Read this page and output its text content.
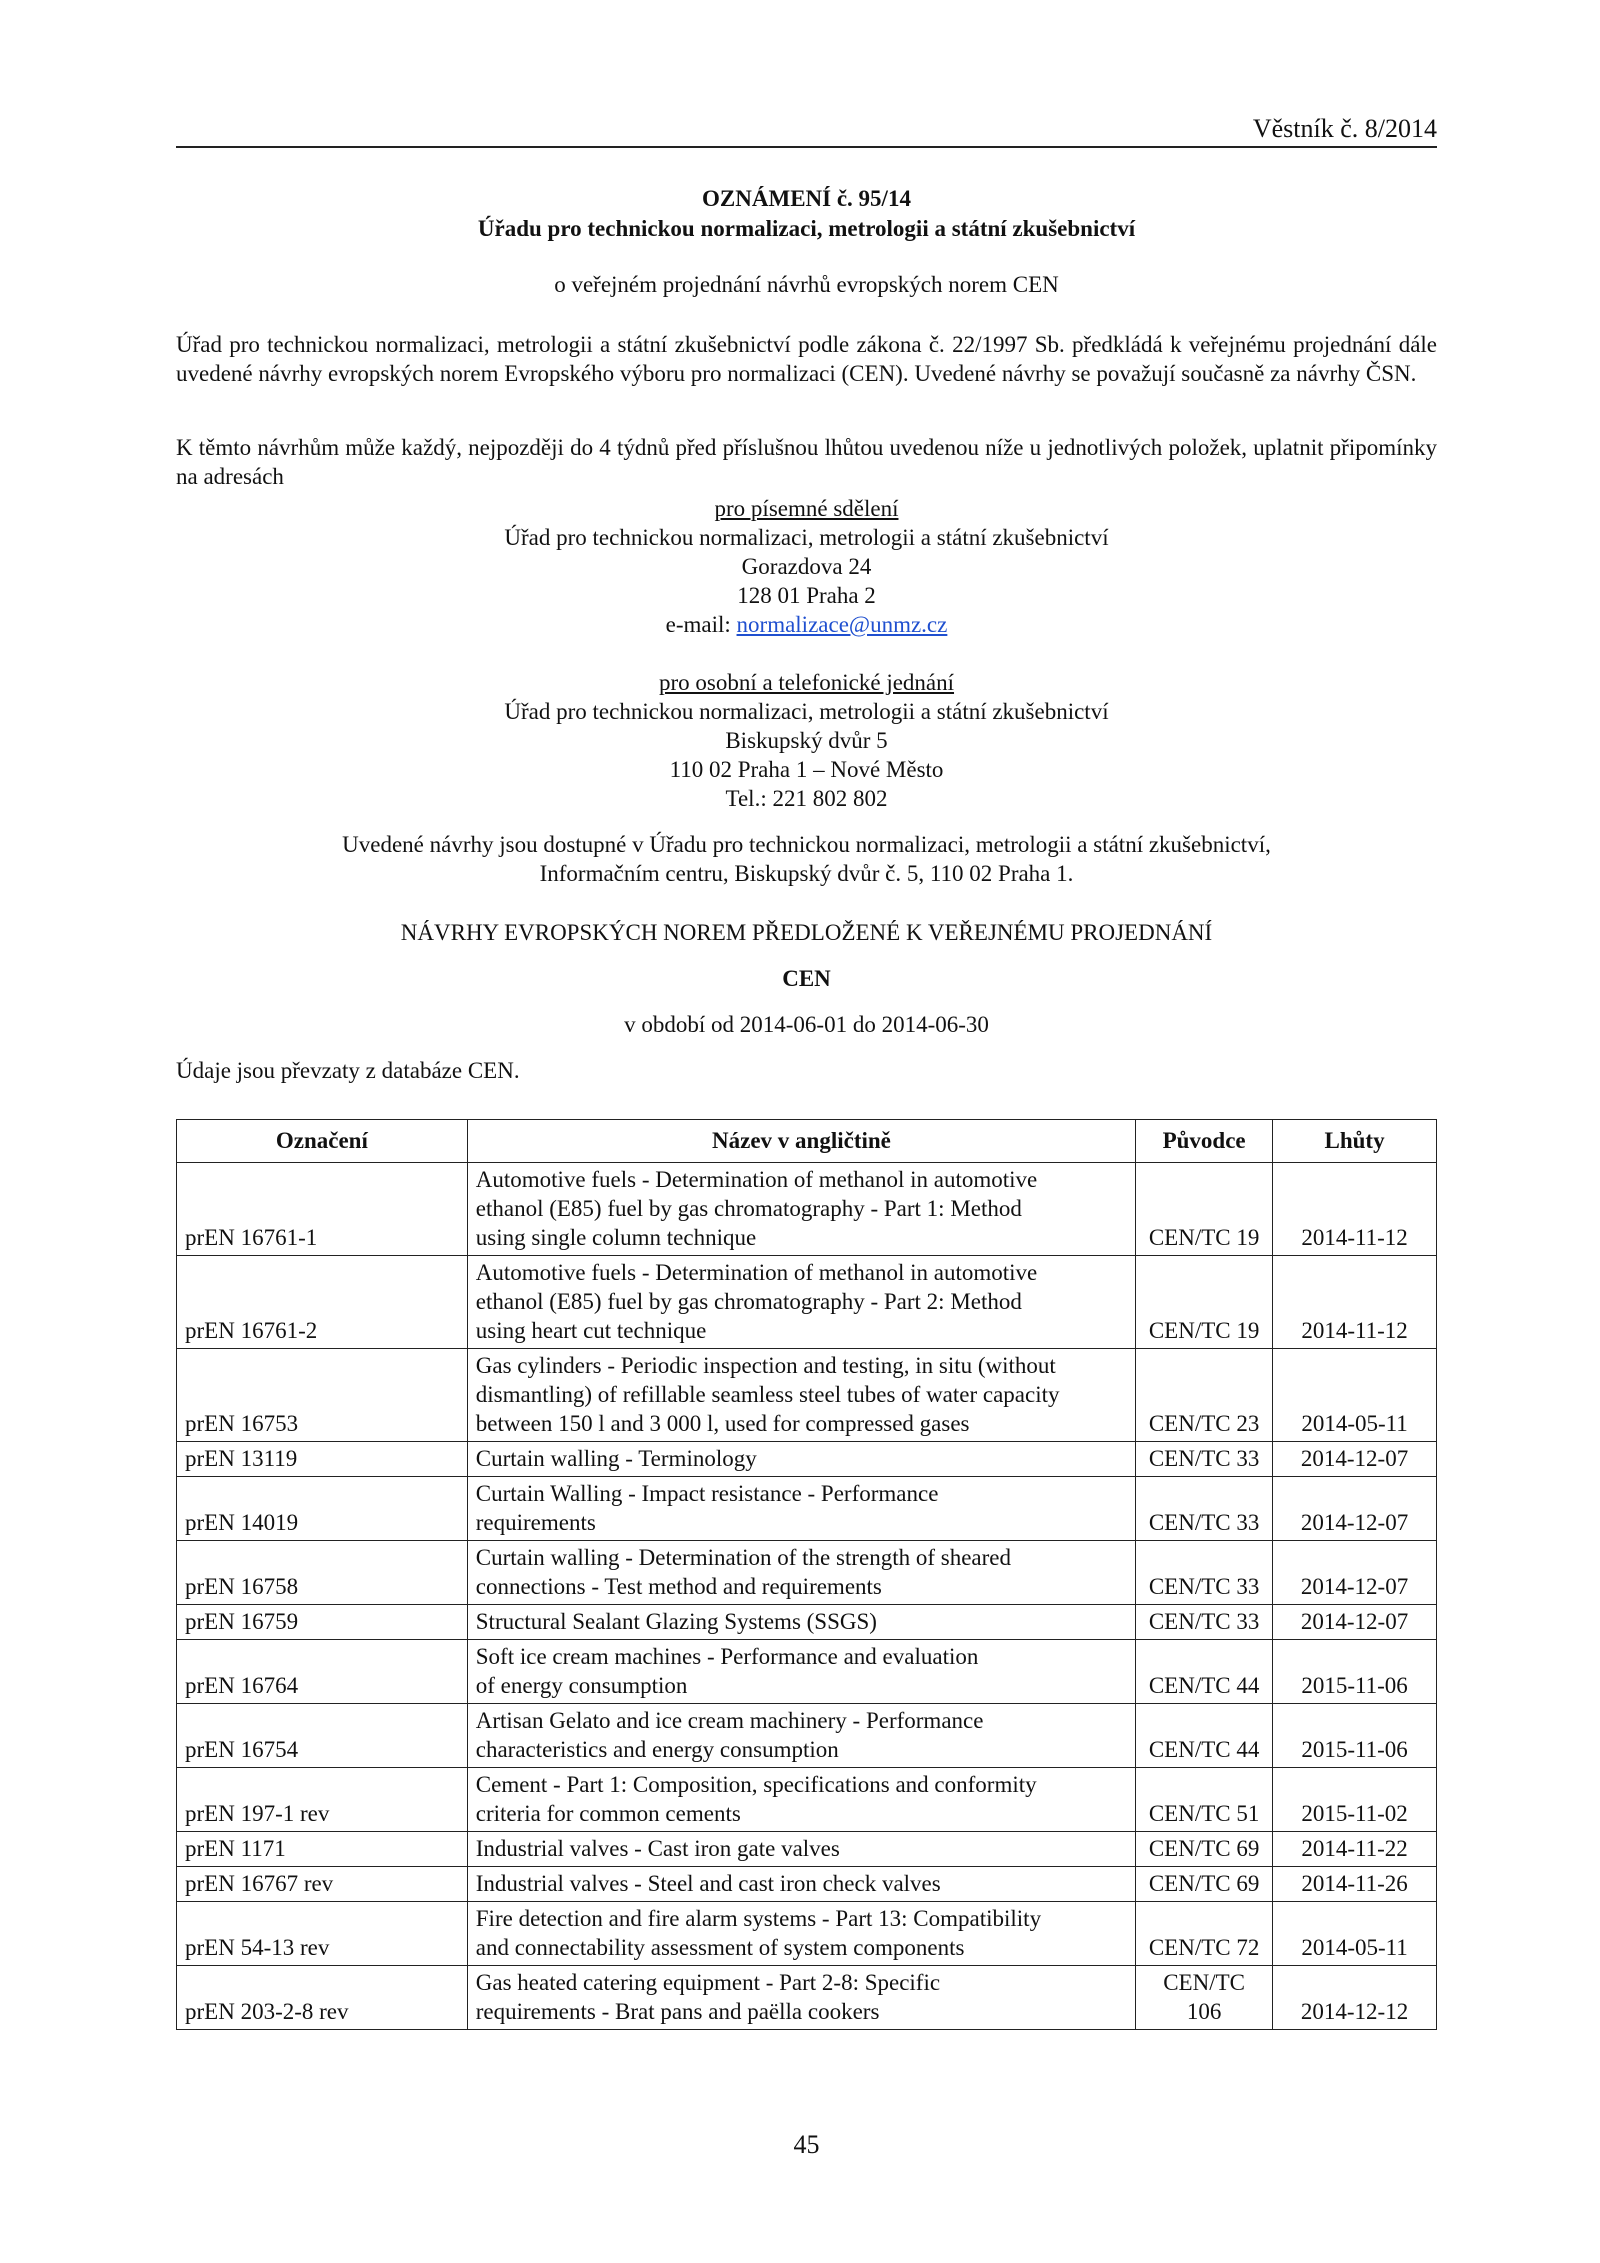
Věstník č. 8/2014
OZNÁMENÍ č. 95/14
Úřadu pro technickou normalizaci, metrologii a státní zkušebnictví
o veřejném projednání návrhů evropských norem CEN
Úřad pro technickou normalizaci, metrologii a státní zkušebnictví podle zákona č. 22/1997 Sb. předkládá k veřejnému projednání dále uvedené návrhy evropských norem Evropského výboru pro normalizaci (CEN). Uvedené návrhy se považují současně za návrhy ČSN.
K těmto návrhům může každý, nejpozději do 4 týdnů před příslušnou lhůtou uvedenou níže u jednotlivých položek, uplatnit připomínky na adresách
pro písemné sdělení
Úřad pro technickou normalizaci, metrologii a státní zkušebnictví
Gorazdova 24
128 01 Praha 2
e-mail: normalizace@unmz.cz
pro osobní a telefonické jednání
Úřad pro technickou normalizaci, metrologii a státní zkušebnictví
Biskupský dvůr 5
110 02 Praha 1 – Nové Město
Tel.: 221 802 802
Uvedené návrhy jsou dostupné v Úřadu pro technickou normalizaci, metrologii a státní zkušebnictví,
Informačním centru, Biskupský dvůr č. 5, 110 02 Praha 1.
NÁVRHY EVROPSKÝCH NOREM PŘEDLOŽENÉ K VEŘEJNÉMU PROJEDNÁNÍ
CEN
v období od 2014-06-01 do 2014-06-30
Údaje jsou převzaty z databáze CEN.
Označení	Název v angličtině	Původce	Lhůty
prEN 16761-1	Automotive fuels - Determination of methanol in automotive
ethanol (E85) fuel by gas chromatography - Part 1: Method
using single column technique	CEN/TC 19	2014-11-12
prEN 16761-2	Automotive fuels - Determination of methanol in automotive
ethanol (E85) fuel by gas chromatography - Part 2: Method
using heart cut technique	CEN/TC 19	2014-11-12
prEN 16753	Gas cylinders - Periodic inspection and testing, in situ (without
dismantling) of refillable seamless steel tubes of water capacity
between 150 l and 3 000 l, used for compressed gases	CEN/TC 23	2014-05-11
prEN 13119	Curtain walling - Terminology	CEN/TC 33	2014-12-07
prEN 14019	Curtain Walling - Impact resistance - Performance
requirements	CEN/TC 33	2014-12-07
prEN 16758	Curtain walling - Determination of the strength of sheared
connections - Test method and requirements	CEN/TC 33	2014-12-07
prEN 16759	Structural Sealant Glazing Systems (SSGS)	CEN/TC 33	2014-12-07
prEN 16764	Soft ice cream machines - Performance and evaluation
of energy consumption	CEN/TC 44	2015-11-06
prEN 16754	Artisan Gelato and ice cream machinery - Performance
characteristics and energy consumption	CEN/TC 44	2015-11-06
prEN 197-1 rev	Cement - Part 1: Composition, specifications and conformity
criteria for common cements	CEN/TC 51	2015-11-02
prEN 1171	Industrial valves - Cast iron gate valves	CEN/TC 69	2014-11-22
prEN 16767 rev	Industrial valves - Steel and cast iron check valves	CEN/TC 69	2014-11-26
prEN 54-13 rev	Fire detection and fire alarm systems - Part 13: Compatibility
and connectability assessment of system components	CEN/TC 72	2014-05-11
prEN 203-2-8 rev	Gas heated catering equipment - Part 2-8: Specific
requirements - Brat pans and paëlla cookers	CEN/TC 106	2014-12-12
45
